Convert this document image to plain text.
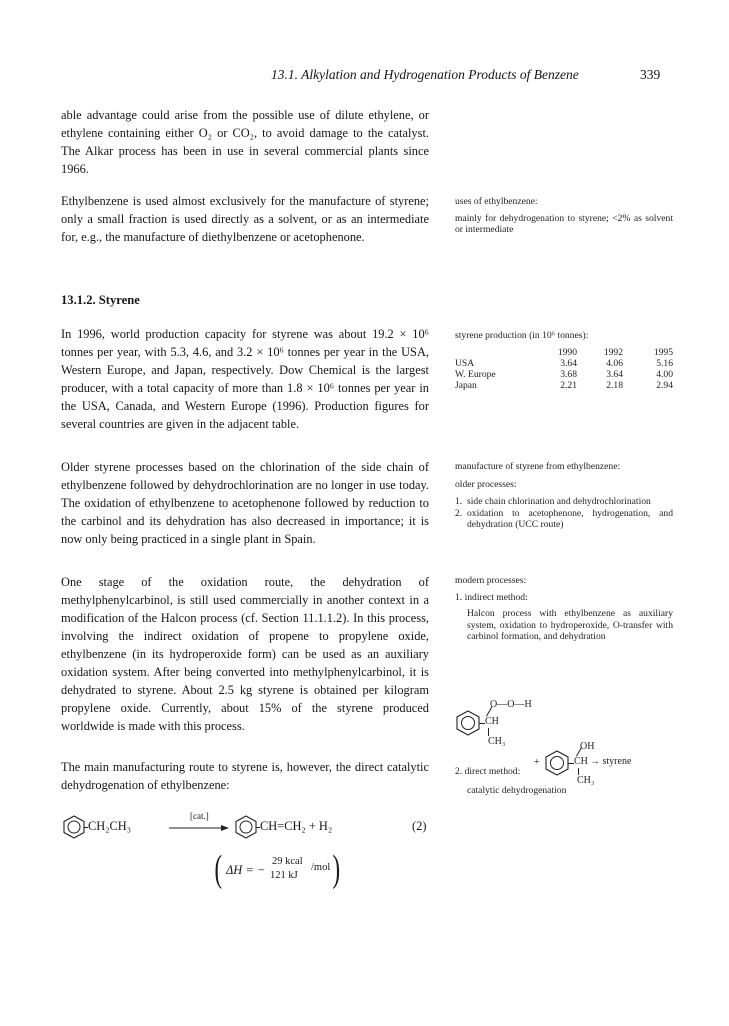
13.1. Alkylation and Hydrogenation Products of Benzene	339

able advantage could arise from the possible use of dilute ethylene, or ethylene containing either O₂ or CO₂, to avoid damage to the catalyst. The Alkar process has been in use in several commercial plants since 1966.

Ethylbenzene is used almost exclusively for the manufacture of styrene; only a small fraction is used directly as a solvent, or as an intermediate for, e.g., the manufacture of diethylbenzene or acetophenone.

13.1.2. Styrene

In 1996, world production capacity for styrene was about 19.2 × 10⁶ tonnes per year, with 5.3, 4.6, and 3.2 × 10⁶ tonnes per year in the USA, Western Europe, and Japan, respectively. Dow Chemical is the largest producer, with a total capacity of more than 1.8 × 10⁶ tonnes per year in the USA, Canada, and Western Europe (1996). Production figures for several countries are given in the adjacent table.

Older styrene processes based on the chlorination of the side chain of ethylbenzene followed by dehydrochlorination are no longer in use today. The oxidation of ethylbenzene to acetophenone followed by reduction to the carbinol and its dehydration has also decreased in importance; it is now only being practiced in a single plant in Spain.

One stage of the oxidation route, the dehydration of methylphenylcarbinol, is still used commercially in another context in a modification of the Halcon process (cf. Section 11.1.1.2). In this process, involving the indirect oxidation of propene to propylene oxide, ethylbenzene (in its hydroperoxide form) can be used as an auxiliary oxidation system. After being converted into methylphenylcarbinol, it is dehydrated to styrene. About 2.5 kg styrene is obtained per kilogram propylene oxide. Currently, about 15% of the styrene produced worldwide is made with this process.

The main manufacturing route to styrene is, however, the direct catalytic dehydrogenation of ethylbenzene:

uses of ethylbenzene:

mainly for dehydrogenation to styrene; <2% as solvent or intermediate

styrene production (in 10⁶ tonnes):

	1990	1992	1995
USA	3.64	4.06	5.16
W. Europe	3.68	3.64	4.00
Japan	2.21	2.18	2.94

manufacture of styrene from ethylbenzene:

older processes:

1. side chain chlorination and dehydrochlorination
2. oxidation to acetophenone, hydrogenation, and dehydration (UCC route)

modern processes:

1. indirect method:

Halcon process with ethylbenzene as auxiliary system, oxidation to hydroperoxide, O-transfer with carbinol formation, and dehydration

CH
O—O—H
CH₃
+	CH
OH
→ styrene
CH₃

2. direct method:

catalytic dehydrogenation

CH₂CH₃
[cat.]
CH=CH₂ + H₂	(2)
( ΔH = −
29 kcal
121 kJ
/mol )
